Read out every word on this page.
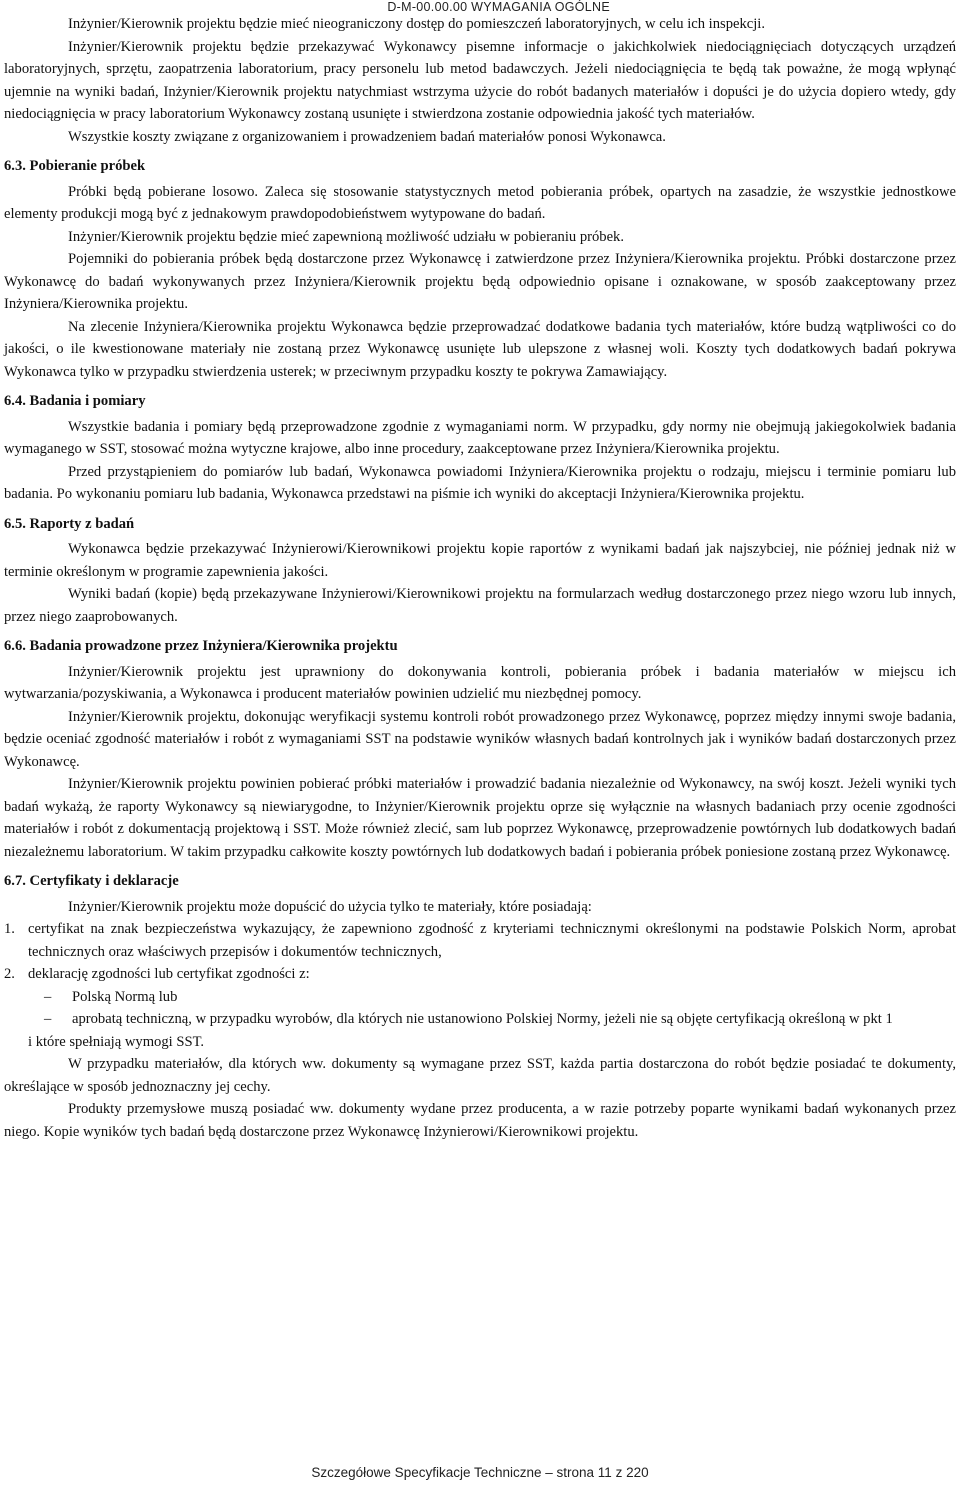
D-M-00.00.00 WYMAGANIA OGÓLNE

Inżynier/Kierownik projektu będzie mieć nieograniczony dostęp do pomieszczeń laboratoryjnych, w celu ich inspekcji.

Inżynier/Kierownik projektu będzie przekazywać Wykonawcy pisemne informacje o jakichkolwiek niedociągnięciach dotyczących urządzeń laboratoryjnych, sprzętu, zaopatrzenia laboratorium, pracy personelu lub metod badawczych. Jeżeli niedociągnięcia te będą tak poważne, że mogą wpłynąć ujemnie na wyniki badań, Inżynier/Kierownik projektu natychmiast wstrzyma użycie do robót badanych materiałów i dopuści je do użycia dopiero wtedy, gdy niedociągnięcia w pracy laboratorium Wykonawcy zostaną usunięte i stwierdzona zostanie odpowiednia jakość tych materiałów.

Wszystkie koszty związane z organizowaniem i prowadzeniem badań materiałów ponosi Wykonawca.

6.3. Pobieranie próbek

Próbki będą pobierane losowo. Zaleca się stosowanie statystycznych metod pobierania próbek, opartych na zasadzie, że wszystkie jednostkowe elementy produkcji mogą być z jednakowym prawdopodobieństwem wytypowane do badań.

Inżynier/Kierownik projektu będzie mieć zapewnioną możliwość udziału w pobieraniu próbek.

Pojemniki do pobierania próbek będą dostarczone przez Wykonawcę i zatwierdzone przez Inżyniera/Kierownika projektu. Próbki dostarczone przez Wykonawcę do badań wykonywanych przez Inżyniera/Kierownik projektu będą odpowiednio opisane i oznakowane, w sposób zaakceptowany przez Inżyniera/Kierownika projektu.

Na zlecenie Inżyniera/Kierownika projektu Wykonawca będzie przeprowadzać dodatkowe badania tych materiałów, które budzą wątpliwości co do jakości, o ile kwestionowane materiały nie zostaną przez Wykonawcę usunięte lub ulepszone z własnej woli. Koszty tych dodatkowych badań pokrywa Wykonawca tylko w przypadku stwierdzenia usterek; w przeciwnym przypadku koszty te pokrywa Zamawiający.

6.4. Badania i pomiary

Wszystkie badania i pomiary będą przeprowadzone zgodnie z wymaganiami norm. W przypadku, gdy normy nie obejmują jakiegokolwiek badania wymaganego w SST, stosować można wytyczne krajowe, albo inne procedury, zaakceptowane przez Inżyniera/Kierownika projektu.

Przed przystąpieniem do pomiarów lub badań, Wykonawca powiadomi Inżyniera/Kierownika projektu o rodzaju, miejscu i terminie pomiaru lub badania. Po wykonaniu pomiaru lub badania, Wykonawca przedstawi na piśmie ich wyniki do akceptacji Inżyniera/Kierownika projektu.

6.5. Raporty z badań

Wykonawca będzie przekazywać Inżynierowi/Kierownikowi projektu kopie raportów z wynikami badań jak najszybciej, nie później jednak niż w terminie określonym w programie zapewnienia jakości.

Wyniki badań (kopie) będą przekazywane Inżynierowi/Kierownikowi projektu na formularzach według dostarczonego przez niego wzoru lub innych, przez niego zaaprobowanych.

6.6. Badania prowadzone przez Inżyniera/Kierownika projektu

Inżynier/Kierownik projektu jest uprawniony do dokonywania kontroli, pobierania próbek i badania materiałów w miejscu ich wytwarzania/pozyskiwania, a Wykonawca i producent materiałów powinien udzielić mu niezbędnej pomocy.

Inżynier/Kierownik projektu, dokonując weryfikacji systemu kontroli robót prowadzonego przez Wykonawcę, poprzez między innymi swoje badania, będzie oceniać zgodność materiałów i robót z wymaganiami SST na podstawie wyników własnych badań kontrolnych jak i wyników badań dostarczonych przez Wykonawcę.

Inżynier/Kierownik projektu powinien pobierać próbki materiałów i prowadzić badania niezależnie od Wykonawcy, na swój koszt. Jeżeli wyniki tych badań wykażą, że raporty Wykonawcy są niewiarygodne, to Inżynier/Kierownik projektu oprze się wyłącznie na własnych badaniach przy ocenie zgodności materiałów i robót z dokumentacją projektową i SST. Może również zlecić, sam lub poprzez Wykonawcę, przeprowadzenie powtórnych lub dodatkowych badań niezależnemu laboratorium. W takim przypadku całkowite koszty powtórnych lub dodatkowych badań i pobierania próbek poniesione zostaną przez Wykonawcę.

6.7. Certyfikaty i deklaracje

Inżynier/Kierownik projektu może dopuścić do użycia tylko te materiały, które posiadają:

1. certyfikat na znak bezpieczeństwa wykazujący, że zapewniono zgodność z kryteriami technicznymi określonymi na podstawie Polskich Norm, aprobat technicznych oraz właściwych przepisów i dokumentów technicznych,
2. deklarację zgodności lub certyfikat zgodności z:
– Polską Normą lub
– aprobatą techniczną, w przypadku wyrobów, dla których nie ustanowiono Polskiej Normy, jeżeli nie są objęte certyfikacją określoną w pkt 1

i które spełniają wymogi SST.

W przypadku materiałów, dla których ww. dokumenty są wymagane przez SST, każda partia dostarczona do robót będzie posiadać te dokumenty, określające w sposób jednoznaczny jej cechy.

Produkty przemysłowe muszą posiadać ww. dokumenty wydane przez producenta, a w razie potrzeby poparte wynikami badań wykonanych przez niego. Kopie wyników tych badań będą dostarczone przez Wykonawcę Inżynierowi/Kierownikowi projektu.

Szczegółowe Specyfikacje Techniczne – strona 11 z 220
